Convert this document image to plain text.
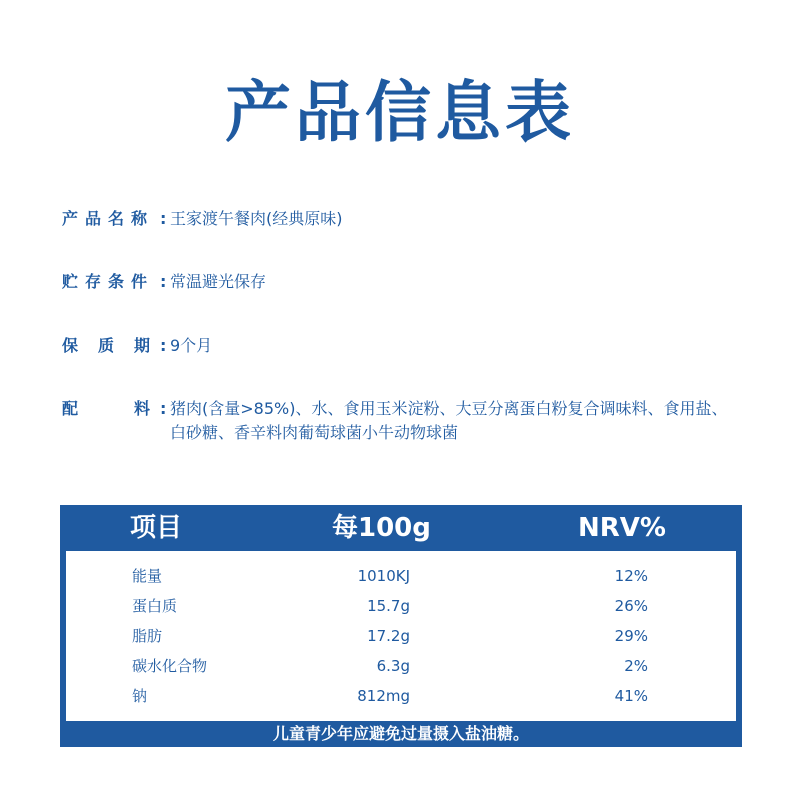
产品信息表
产品名称 : 王家渡午餐肉(经典原味)
贮存条件 : 常温避光保存
保 质 期 : 9个月
配	料 : 猪肉(含量>85%)、水、食用玉米淀粉、大豆分离蛋白粉复合调味料、食用盐、白砂糖、香辛料肉葡萄球菌小牛动物球菌
项目	每100g	NRV%
能量	1010KJ	12%
蛋白质	15.7g	26%
脂肪	17.2g	29%
碳水化合物	6.3g	2%
钠	812mg	41%
儿童青少年应避免过量摄入盐油糖。
